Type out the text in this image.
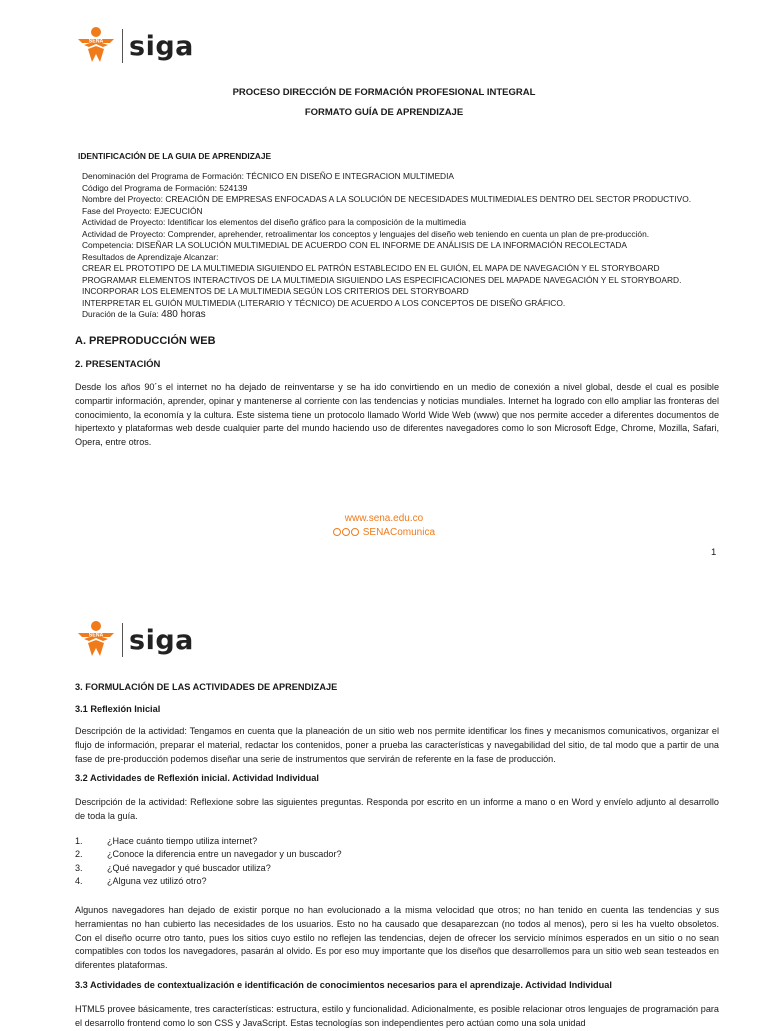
SENA siga
PROCESO DIRECCIÓN DE FORMACIÓN PROFESIONAL INTEGRAL
FORMATO GUÍA DE APRENDIZAJE
IDENTIFICACIÓN DE LA GUIA DE APRENDIZAJE
Denominación del Programa de Formación: TÉCNICO EN DISEÑO E INTEGRACION MULTIMEDIA
Código del Programa de Formación: 524139
Nombre del Proyecto: CREACIÓN DE EMPRESAS ENFOCADAS A LA SOLUCIÓN DE NECESIDADES MULTIMEDIALES DENTRO DEL SECTOR PRODUCTIVO.
Fase del Proyecto: EJECUCIÓN
Actividad de Proyecto: Identificar los elementos del diseño gráfico para la composición de la multimedia
Actividad de Proyecto: Comprender, aprehender, retroalimentar los conceptos y lenguajes del diseño web teniendo en cuenta un plan de pre-producción.
Competencia: DISEÑAR LA SOLUCIÓN MULTIMEDIAL DE ACUERDO CON EL INFORME DE ANÁLISIS DE LA INFORMACIÓN RECOLECTADA
Resultados de Aprendizaje Alcanzar:
CREAR EL PROTOTIPO DE LA MULTIMEDIA SIGUIENDO EL PATRÓN ESTABLECIDO EN EL GUIÓN, EL MAPA DE NAVEGACIÓN Y EL STORYBOARD
PROGRAMAR ELEMENTOS INTERACTIVOS DE LA MULTIMEDIA SIGUIENDO LAS ESPECIFICACIONES DEL MAPADE NAVEGACIÓN Y EL STORYBOARD.
INCORPORAR LOS ELEMENTOS DE LA MULTIMEDIA SEGÚN LOS CRITERIOS DEL STORYBOARD
INTERPRETAR EL GUIÓN MULTIMEDIA (LITERARIO Y TÉCNICO) DE ACUERDO A LOS CONCEPTOS DE DISEÑO GRÁFICO.
Duración de la Guía: 480 horas
A. PREPRODUCCIÓN WEB
2. PRESENTACIÓN
Desde los años 90´s el internet no ha dejado de reinventarse y se ha ido convirtiendo en un medio de conexión a nivel global, desde el cual es posible compartir información, aprender, opinar y mantenerse al corriente con las tendencias y noticias mundiales. Internet ha logrado con ello ampliar las fronteras del conocimiento, la economía y la cultura. Este sistema tiene un protocolo llamado World Wide Web (www) que nos permite acceder a diferentes documentos de hipertexto y plataformas web desde cualquier parte del mundo haciendo uso de diferentes navegadores como lo son Microsoft Edge, Chrome, Mozilla, Safari, Opera, entre otros.
www.sena.edu.co
SENAComunica
1
SENA siga
3. FORMULACIÓN DE LAS ACTIVIDADES DE APRENDIZAJE
3.1 Reflexión Inicial
Descripción de la actividad: Tengamos en cuenta que la planeación de un sitio web nos permite identificar los fines y mecanismos comunicativos, organizar el flujo de información, preparar el material, redactar los contenidos, poner a prueba las características y navegabilidad del sitio, de tal modo que a partir de una fase de pre-producción podemos diseñar una serie de instrumentos que servirán de referente en la fase de producción.
3.2 Actividades de Reflexión inicial. Actividad Individual
Descripción de la actividad: Reflexione sobre las siguientes preguntas. Responda por escrito en un informe a mano o en Word y envíelo adjunto al desarrollo de toda la guía.
1.	¿Hace cuánto tiempo utiliza internet?
2.	¿Conoce la diferencia entre un navegador y un buscador?
3.	¿Qué navegador y qué buscador utiliza?
4.	¿Alguna vez utilizó otro?
Algunos navegadores han dejado de existir porque no han evolucionado a la misma velocidad que otros; no han tenido en cuenta las tendencias y sus herramientas no han cubierto las necesidades de los usuarios. Esto no ha causado que desaparezcan (no todos al menos), pero si les ha vuelto obsoletos. Con el diseño ocurre otro tanto, pues los sitios cuyo estilo no reflejen las tendencias, dejen de ofrecer los servicio mínimos esperados en un sitio o no sean compatibles con todos los navegadores, pasarán al olvido. Es por eso muy importante que los diseños que desarrollemos para un sitio web sean testeados en diferentes plataformas.
3.3 Actividades de contextualización e identificación de conocimientos necesarios para el aprendizaje. Actividad Individual
HTML5 provee básicamente, tres características: estructura, estilo y funcionalidad. Adicionalmente, es posible relacionar otros lenguajes de programación para el desarrollo frontend como lo son CSS y JavaScript. Estas tecnologías son independientes pero actúan como una sola unidad
